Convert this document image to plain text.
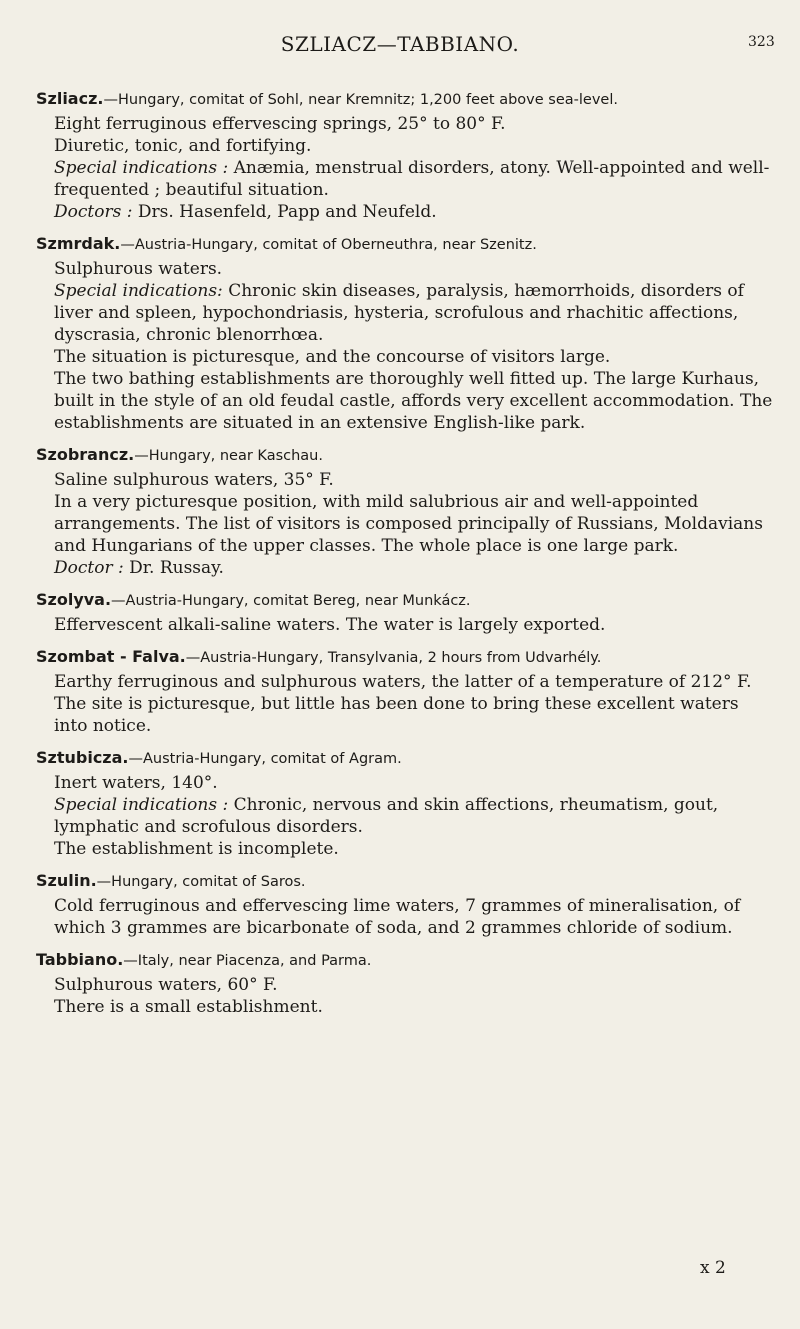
SZLIACZ—TABBIANO.	323
Szliacz.—Hungary, comitat of Sohl, near Kremnitz; 1,200 feet above sea-level.
Eight ferruginous effervescing springs, 25° to 80° F.
Diuretic, tonic, and fortifying.
Special indications : Anæmia, menstrual disorders, atony. Well-appointed and well-frequented ; beautiful situation.
Doctors : Drs. Hasenfeld, Papp and Neufeld.
Szmrdak.—Austria-Hungary, comitat of Oberneuthra, near Szenitz.
Sulphurous waters.
Special indications: Chronic skin diseases, paralysis, hæmorrhoids, disorders of liver and spleen, hypochondriasis, hysteria, scrofulous and rhachitic affections, dyscrasia, chronic blenorrhœa.
The situation is picturesque, and the concourse of visitors large.
The two bathing establishments are thoroughly well fitted up. The large Kurhaus, built in the style of an old feudal castle, affords very excellent accommodation. The establishments are situated in an extensive English-like park.
Szobrancz.—Hungary, near Kaschau.
Saline sulphurous waters, 35° F.
In a very picturesque position, with mild salubrious air and well-appointed arrangements. The list of visitors is composed principally of Russians, Moldavians and Hungarians of the upper classes. The whole place is one large park.
Doctor : Dr. Russay.
Szolyva.—Austria-Hungary, comitat Bereg, near Munkácz.
Effervescent alkali-saline waters. The water is largely exported.
Szombat - Falva.—Austria-Hungary, Transylvania, 2 hours from Udvarhély.
Earthy ferruginous and sulphurous waters, the latter of a temperature of 212° F.
The site is picturesque, but little has been done to bring these excellent waters into notice.
Sztubicza.—Austria-Hungary, comitat of Agram.
Inert waters, 140°.
Special indications : Chronic, nervous and skin affections, rheumatism, gout, lymphatic and scrofulous disorders.
The establishment is incomplete.
Szulin.—Hungary, comitat of Saros.
Cold ferruginous and effervescing lime waters, 7 grammes of mineralisation, of which 3 grammes are bicarbonate of soda, and 2 grammes chloride of sodium.
Tabbiano.—Italy, near Piacenza, and Parma.
Sulphurous waters, 60° F.
There is a small establishment.
x 2
